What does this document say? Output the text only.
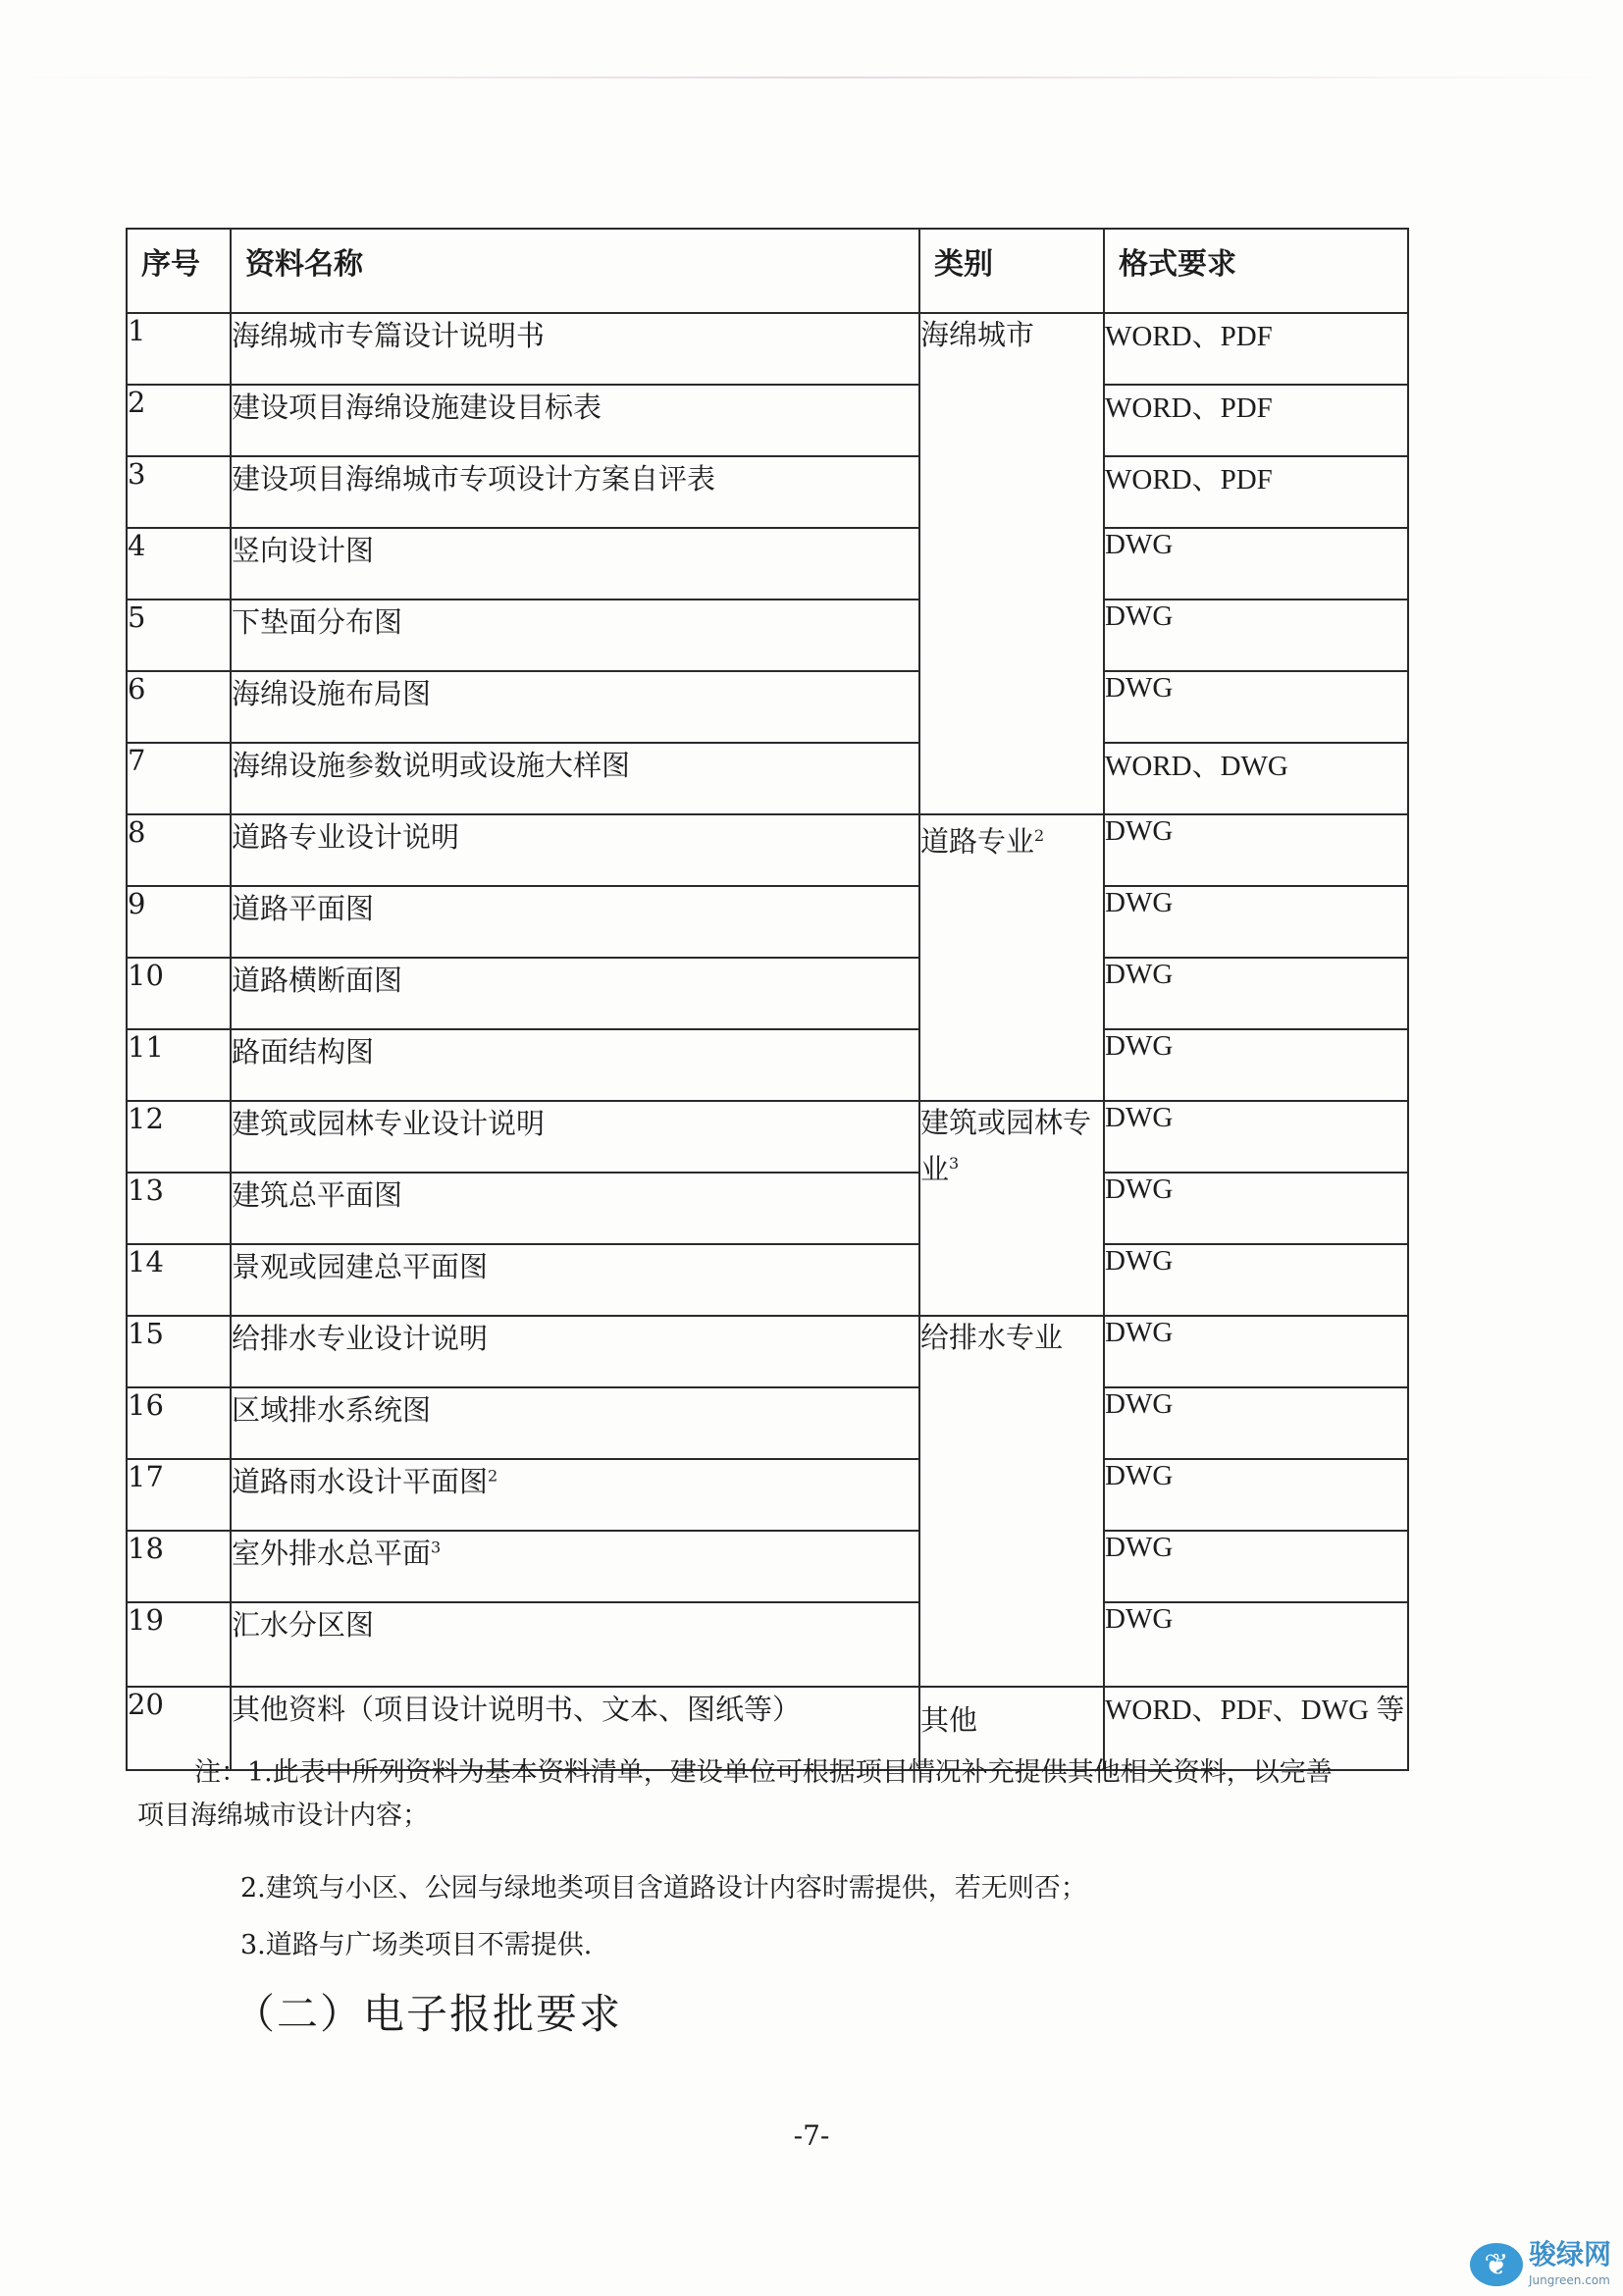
序号	资料名称	类别	格式要求
1	海绵城市专篇设计说明书	海绵城市	WORD、PDF
2	建设项目海绵设施建设目标表		WORD、PDF
3	建设项目海绵城市专项设计方案自评表		WORD、PDF
4	竖向设计图		DWG
5	下垫面分布图		DWG
6	海绵设施布局图		DWG
7	海绵设施参数说明或设施大样图		WORD、DWG
8	道路专业设计说明	道路专业$^2$	DWG
9	道路平面图		DWG
10	道路横断面图		DWG
11	路面结构图		DWG
12	建筑或园林专业设计说明	建筑或园林专业$^3$	DWG
13	建筑总平面图		DWG
14	景观或园建总平面图		DWG
15	给排水专业设计说明	给排水专业	DWG
16	区域排水系统图		DWG
17	道路雨水设计平面图$^2$		DWG
18	室外排水总平面$^3$		DWG
19	汇水分区图		DWG
20	其他资料（项目设计说明书、文本、图纸等）	其他	WORD、PDF、DWG 等

注：1.此表中所列资料为基本资料清单，建设单位可根据项目情况补充提供其他相关资料，以完善项目海绵城市设计内容；

2.建筑与小区、公园与绿地类项目含道路设计内容时需提供，若无则否；

3.道路与广场类项目不需提供.

（二）电子报批要求
-7-
❦ 骏绿网
Jungreen.com
